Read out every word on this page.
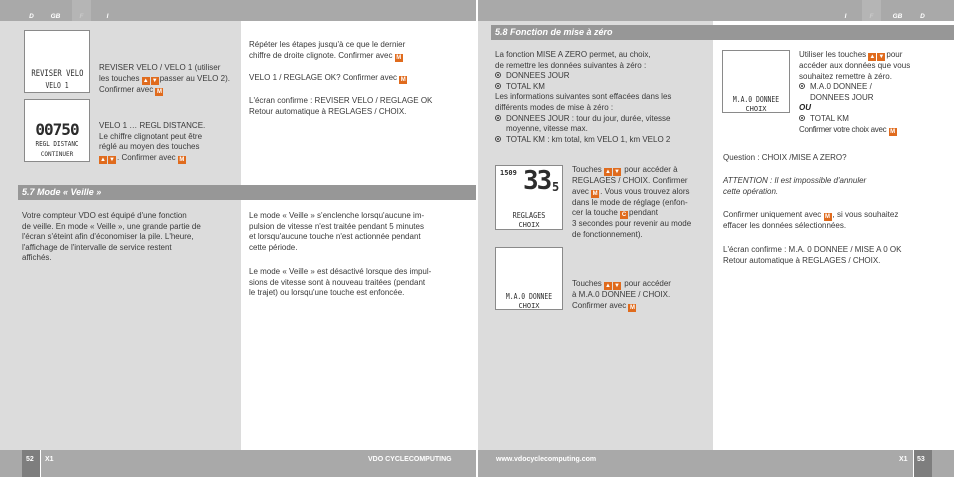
D	GB	F	I	I	F	GB	D
REVISER VELO
VELO 1
00750
REGL DISTANC
CONTINUER

REVISER VELO / VELO 1 (utiliser

les touches ▲ ▼ passer au VELO 2).

Confirmer avec M

VELO 1 … REGL DISTANCE.

Le chiffre clignotant peut être

réglé au moyen des touches

▲ ▼ . Confirmer avec M

Répéter les étapes jusqu'à ce que le dernier

chiffre de droite clignote. Confirmer avec M

VELO 1 / REGLAGE OK? Confirmer avec M

L'écran confirme : REVISER VELO / REGLAGE OK

Retour automatique à REGLAGES / CHOIX.

5.7 Mode « Veille »

Votre compteur VDO est équipé d'une fonction

de veille. En mode « Veille », une grande partie de

l'écran s'éteint afin d'économiser la pile. L'heure,

l'affichage de l'intervalle de service restent

affichés.

Le mode « Veille » s'enclenche lorsqu'aucune im-

pulsion de vitesse n'est traitée pendant 5 minutes

et lorsqu'aucune touche n'est actionnée pendant

cette période.

Le mode « Veille » est désactivé lorsque des impul-

sions de vitesse sont à nouveau traitées (pendant

le trajet) ou lorsqu'une touche est enfoncée.

5.8 Fonction de mise à zéro

La fonction MISE A ZERO permet, au choix,

de remettre les données suivantes à zéro :

DONNEES JOUR

TOTAL KM

Les informations suivantes sont effacées dans les

différents modes de mise à zéro :

DONNEES JOUR : tour du jour, durée, vitesse

moyenne, vitesse max.

TOTAL KM : km total, km VELO 1, km VELO 2

1509 33 5
REGLAGES
CHOIX
M.A.0 DONNEE
CHOIX

Touches ▲ ▼ pour accéder à

REGLAGES / CHOIX. Confirmer

avec M . Vous vous trouvez alors

dans le mode de réglage (enfon-

cer la touche C pendant

3 secondes pour revenir au mode

de fonctionnement).

Touches ▲ ▼ pour accéder

à M.A.0 DONNEE / CHOIX.

Confirmer avec M

M.A.0 DONNEE
CHOIX

Utiliser les touches ▲ ▼ pour

accéder aux données que vous

souhaitez remettre à zéro.

M.A.0 DONNEE /

DONNEES JOUR

OU

TOTAL KM

Confirmer votre choix avec M

Question : CHOIX /MISE A ZERO?

ATTENTION : Il est impossible d'annuler

cette opération.

Confirmer uniquement avec M , si vous souhaitez

effacer les données sélectionnées.

L'écran confirme : M.A. 0 DONNEE / MISE A 0 OK

Retour automatique à REGLAGES / CHOIX.

52 X1	VDO CYCLECOMPUTING	www.vdocyclecomputing.com	X1 53
